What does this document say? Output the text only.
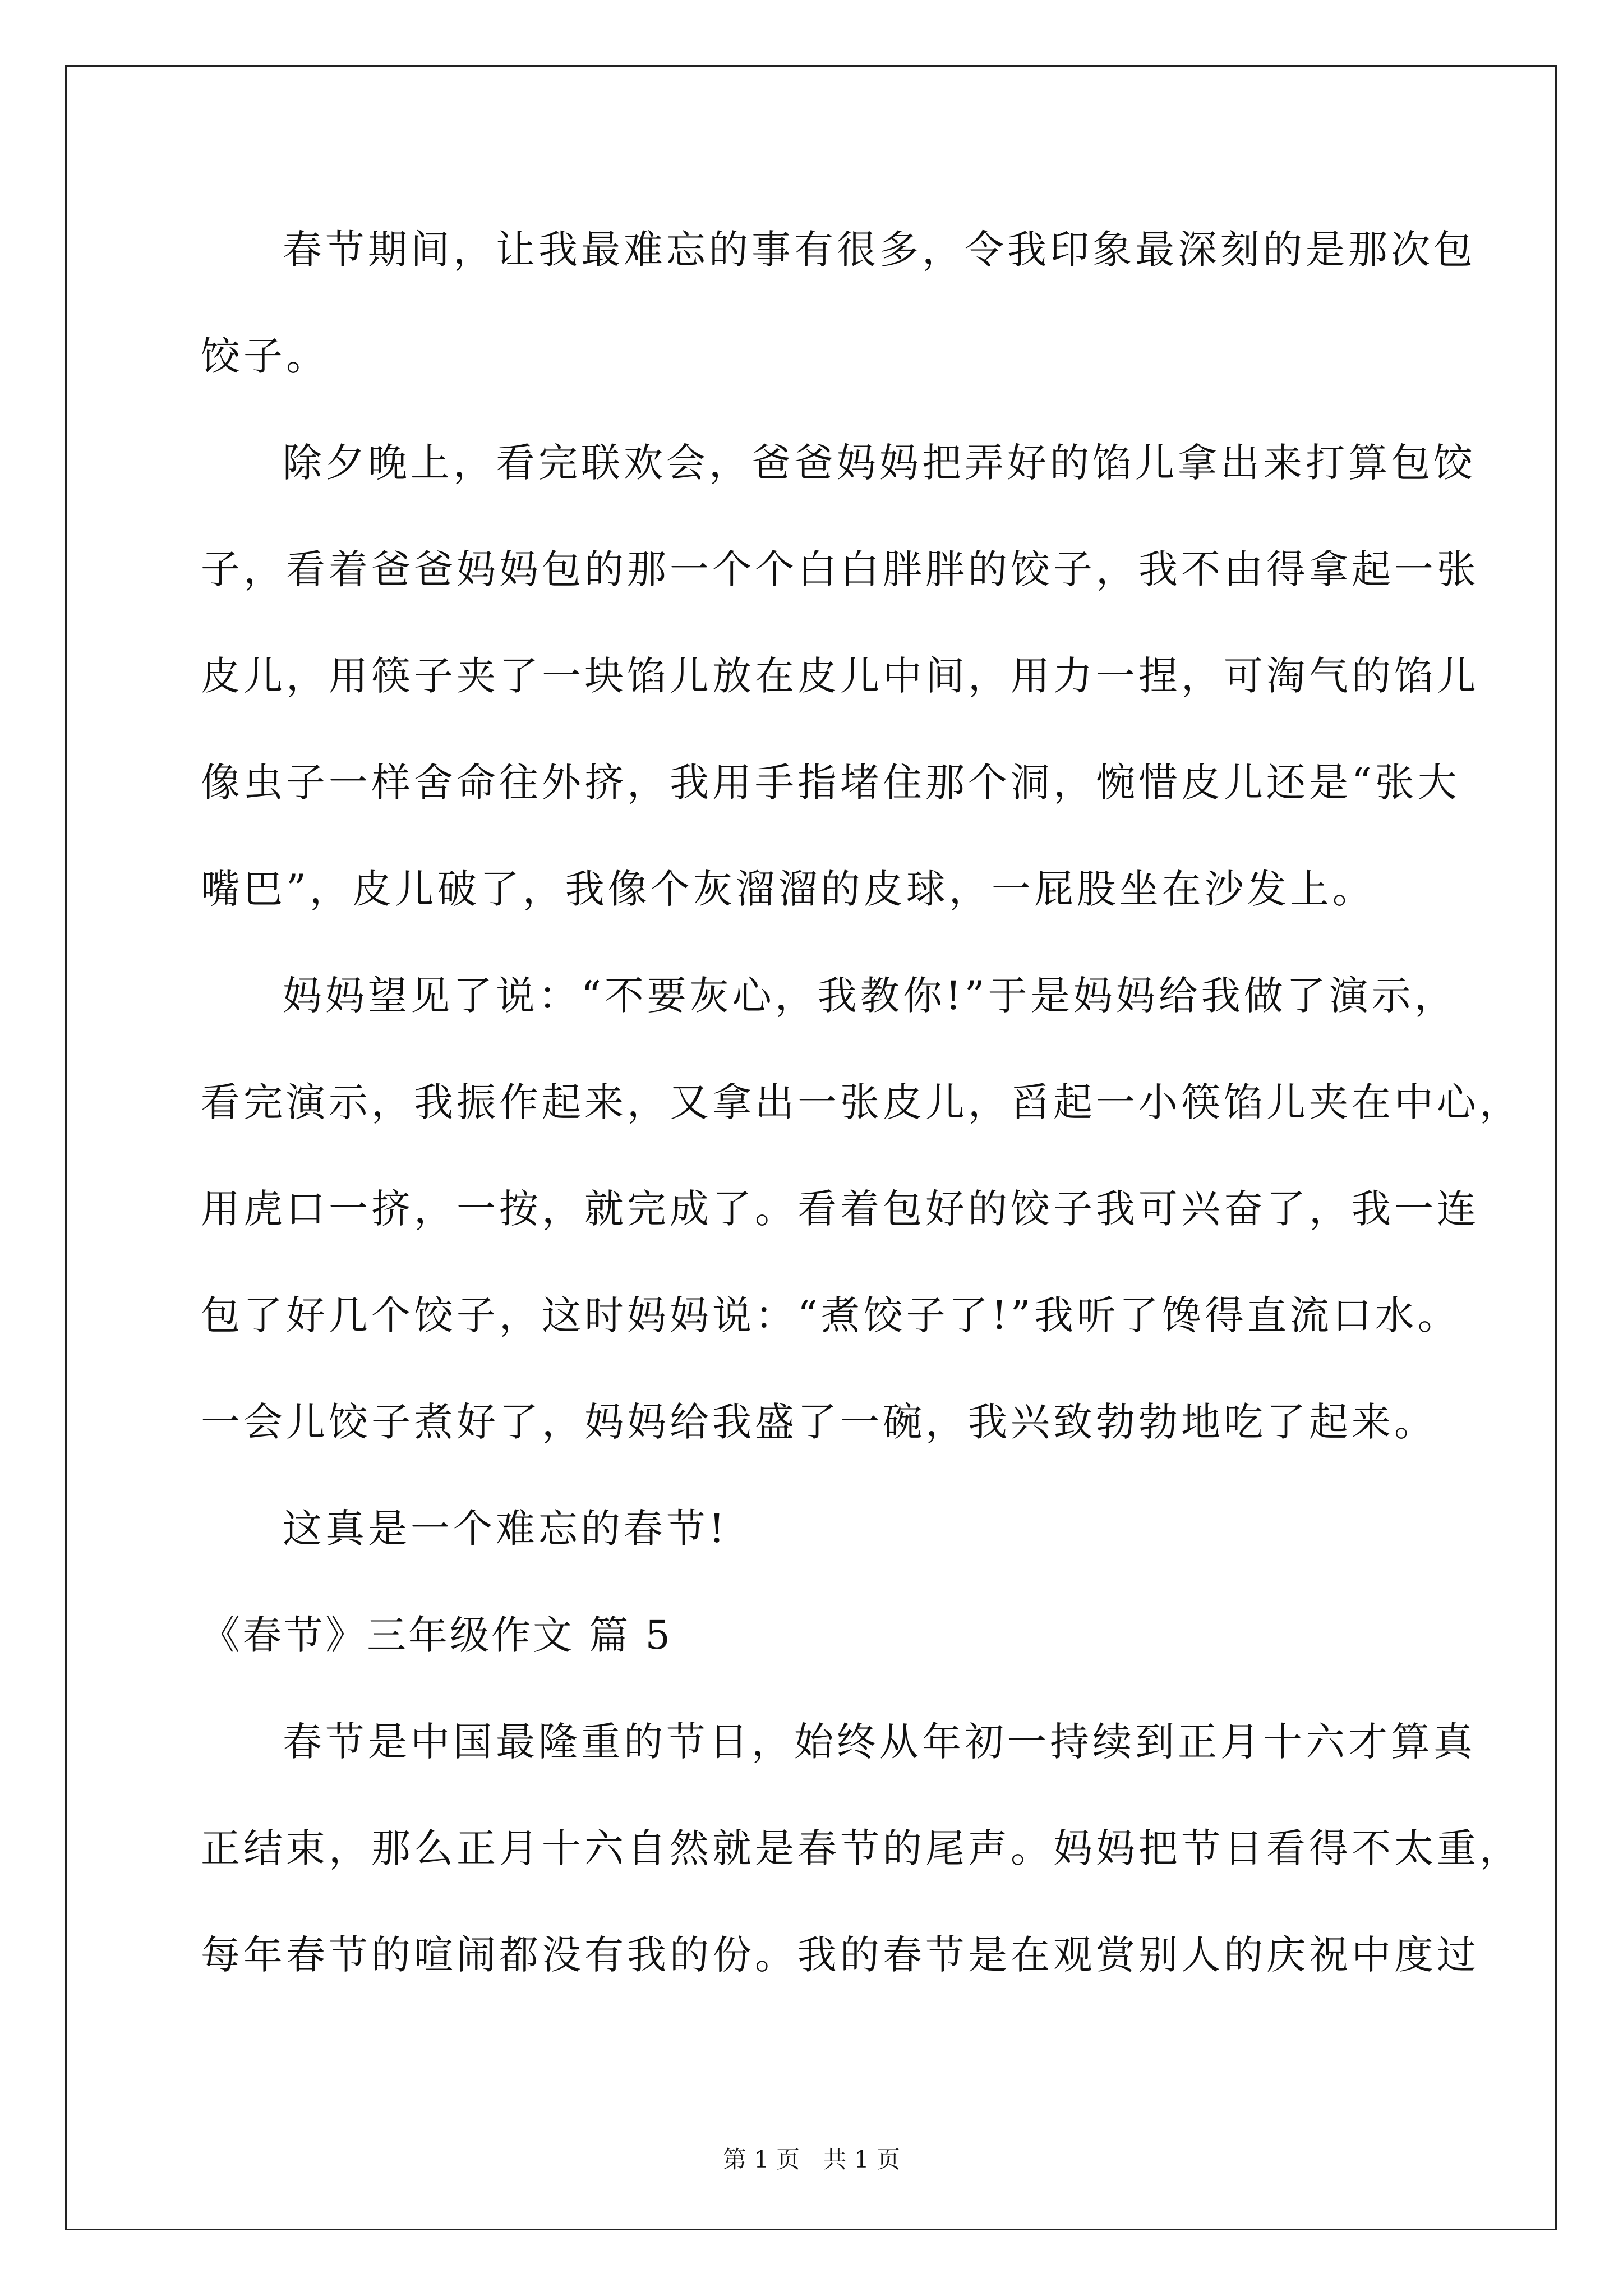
春节期间，让我最难忘的事有很多，令我印象最深刻的是那次包
饺子。
除夕晚上，看完联欢会，爸爸妈妈把弄好的馅儿拿出来打算包饺
子，看着爸爸妈妈包的那一个个白白胖胖的饺子，我不由得拿起一张
皮儿，用筷子夹了一块馅儿放在皮儿中间，用力一捏，可淘气的馅儿
像虫子一样舍命往外挤，我用手指堵住那个洞，惋惜皮儿还是“张大
嘴巴”，皮儿破了，我像个灰溜溜的皮球，一屁股坐在沙发上。
妈妈望见了说：“不要灰心，我教你!”于是妈妈给我做了演示，
看完演示，我振作起来，又拿出一张皮儿，舀起一小筷馅儿夹在中心，
用虎口一挤，一按，就完成了。看着包好的饺子我可兴奋了，我一连
包了好几个饺子，这时妈妈说：“煮饺子了!”我听了馋得直流口水。
一会儿饺子煮好了，妈妈给我盛了一碗，我兴致勃勃地吃了起来。
这真是一个难忘的春节!
《春节》三年级作文 篇 5
春节是中国最隆重的节日，始终从年初一持续到正月十六才算真
正结束，那么正月十六自然就是春节的尾声。妈妈把节日看得不太重，
每年春节的喧闹都没有我的份。我的春节是在观赏别人的庆祝中度过
第 1 页 共 1 页
